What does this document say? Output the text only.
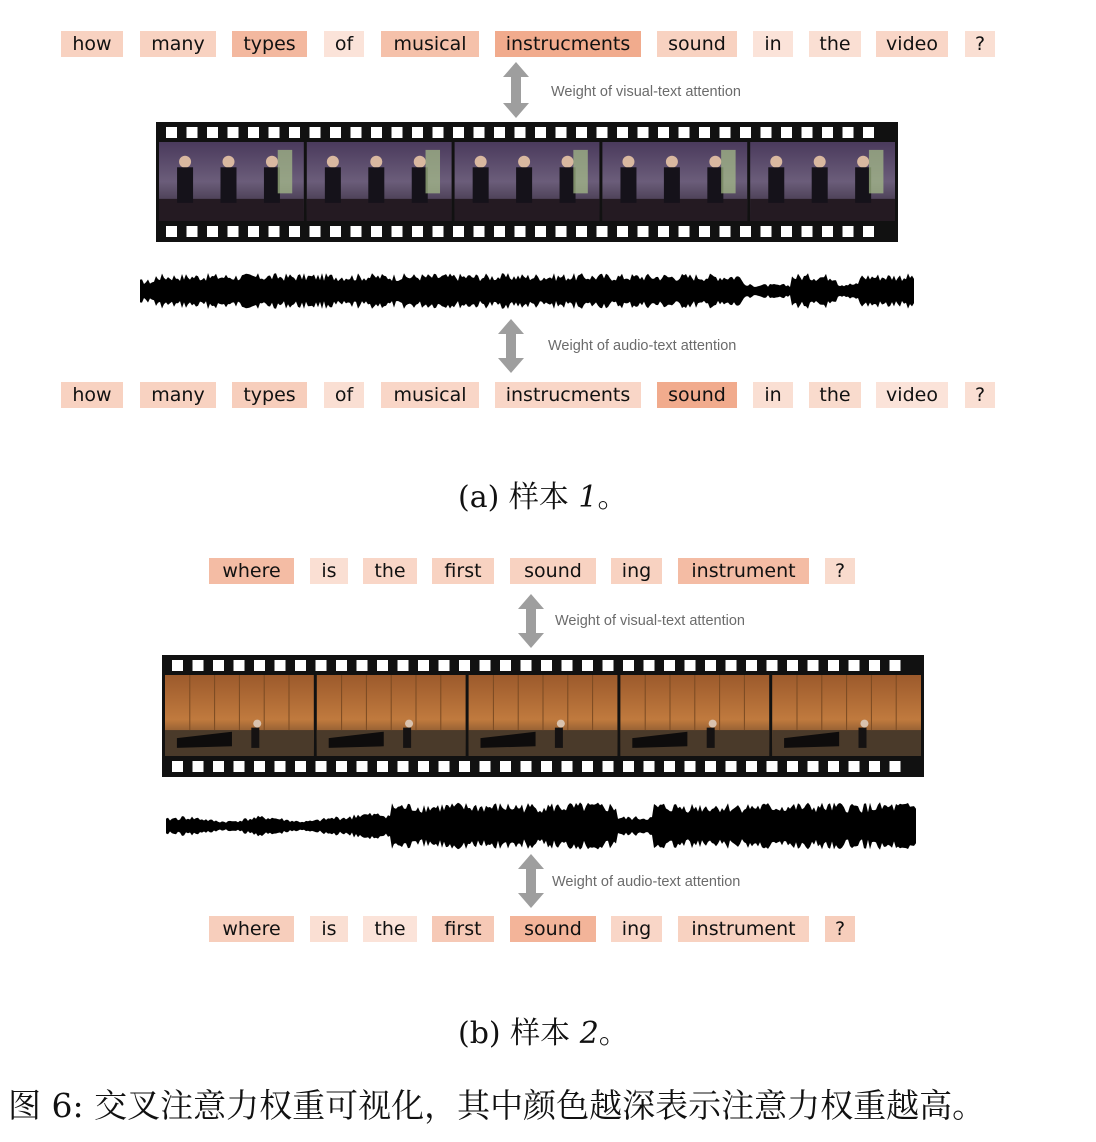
how	many	types	of	musical	instrucments	sound	in	the	video	?
Weight of visual-text attention
Weight of audio-text attention
how	many	types	of	musical	instrucments	sound	in	the	video	?
(a) 样本 1。
where	is	the	first	sound	ing	instrument	?
Weight of visual-text attention
Weight of audio-text attention
where	is	the	first	sound	ing	instrument	?
(b) 样本 2。
图 6: 交叉注意力权重可视化，其中颜色越深表示注意力权重越高。
